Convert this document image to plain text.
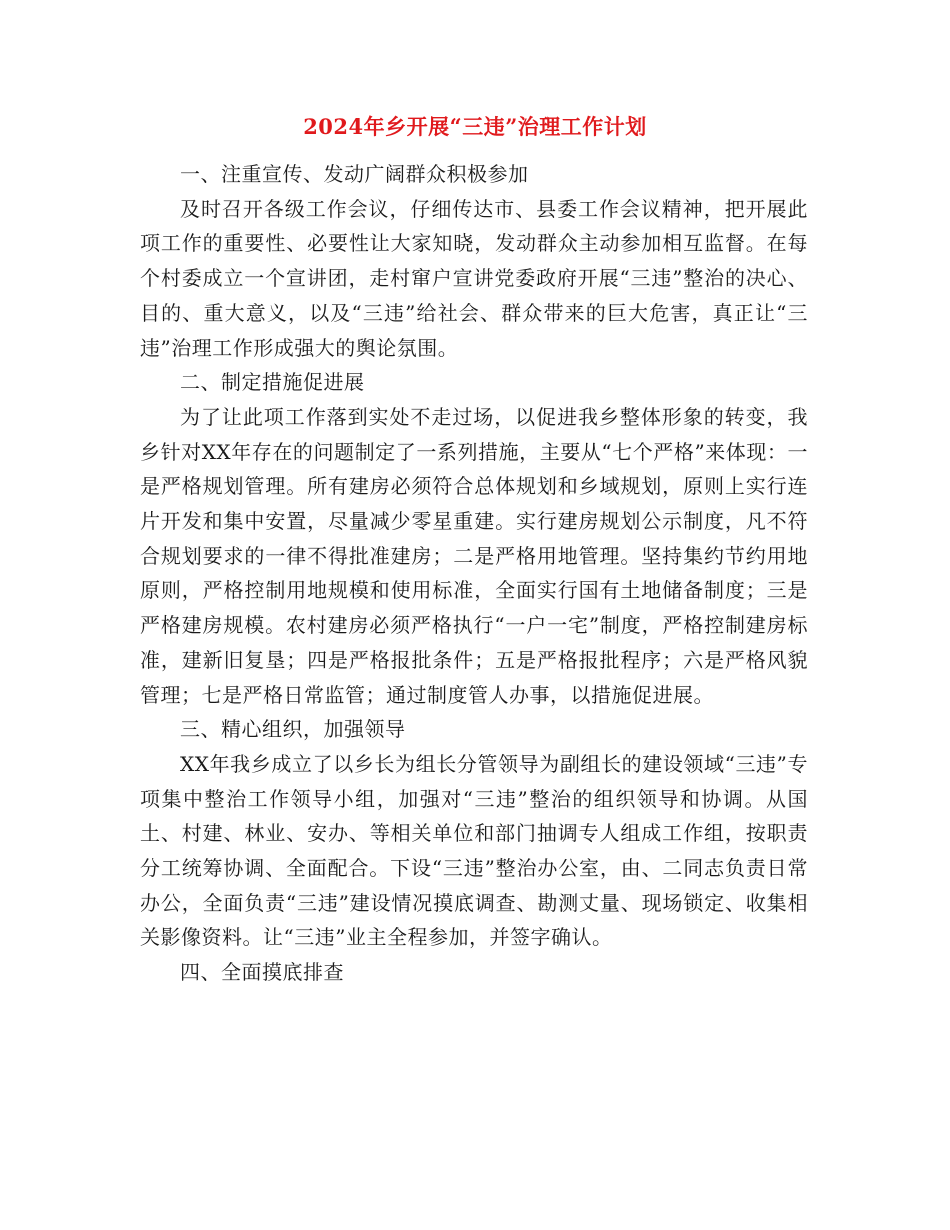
2024年乡开展“三违”治理工作计划

一、注重宣传、发动广阔群众积极参加

及时召开各级工作会议，仔细传达市、县委工作会议精神，把开展此项工作的重要性、必要性让大家知晓，发动群众主动参加相互监督。在每个村委成立一个宣讲团，走村窜户宣讲党委政府开展“三违”整治的决心、目的、重大意义，以及“三违”给社会、群众带来的巨大危害，真正让“三违”治理工作形成强大的舆论氛围。

二、制定措施促进展

为了让此项工作落到实处不走过场，以促进我乡整体形象的转变，我乡针对XX年存在的问题制定了一系列措施，主要从“七个严格”来体现：一是严格规划管理。所有建房必须符合总体规划和乡域规划，原则上实行连片开发和集中安置，尽量减少零星重建。实行建房规划公示制度，凡不符合规划要求的一律不得批准建房；二是严格用地管理。坚持集约节约用地原则，严格控制用地规模和使用标准，全面实行国有土地储备制度；三是严格建房规模。农村建房必须严格执行“一户一宅”制度，严格控制建房标准，建新旧复垦；四是严格报批条件；五是严格报批程序；六是严格风貌管理；七是严格日常监管；通过制度管人办事，以措施促进展。

三、精心组织，加强领导

XX年我乡成立了以乡长为组长分管领导为副组长的建设领域“三违”专项集中整治工作领导小组，加强对“三违”整治的组织领导和协调。从国土、村建、林业、安办、等相关单位和部门抽调专人组成工作组，按职责分工统筹协调、全面配合。下设“三违”整治办公室，由、二同志负责日常办公，全面负责“三违”建设情况摸底调查、勘测丈量、现场锁定、收集相关影像资料。让“三违”业主全程参加，并签字确认。

四、全面摸底排查
